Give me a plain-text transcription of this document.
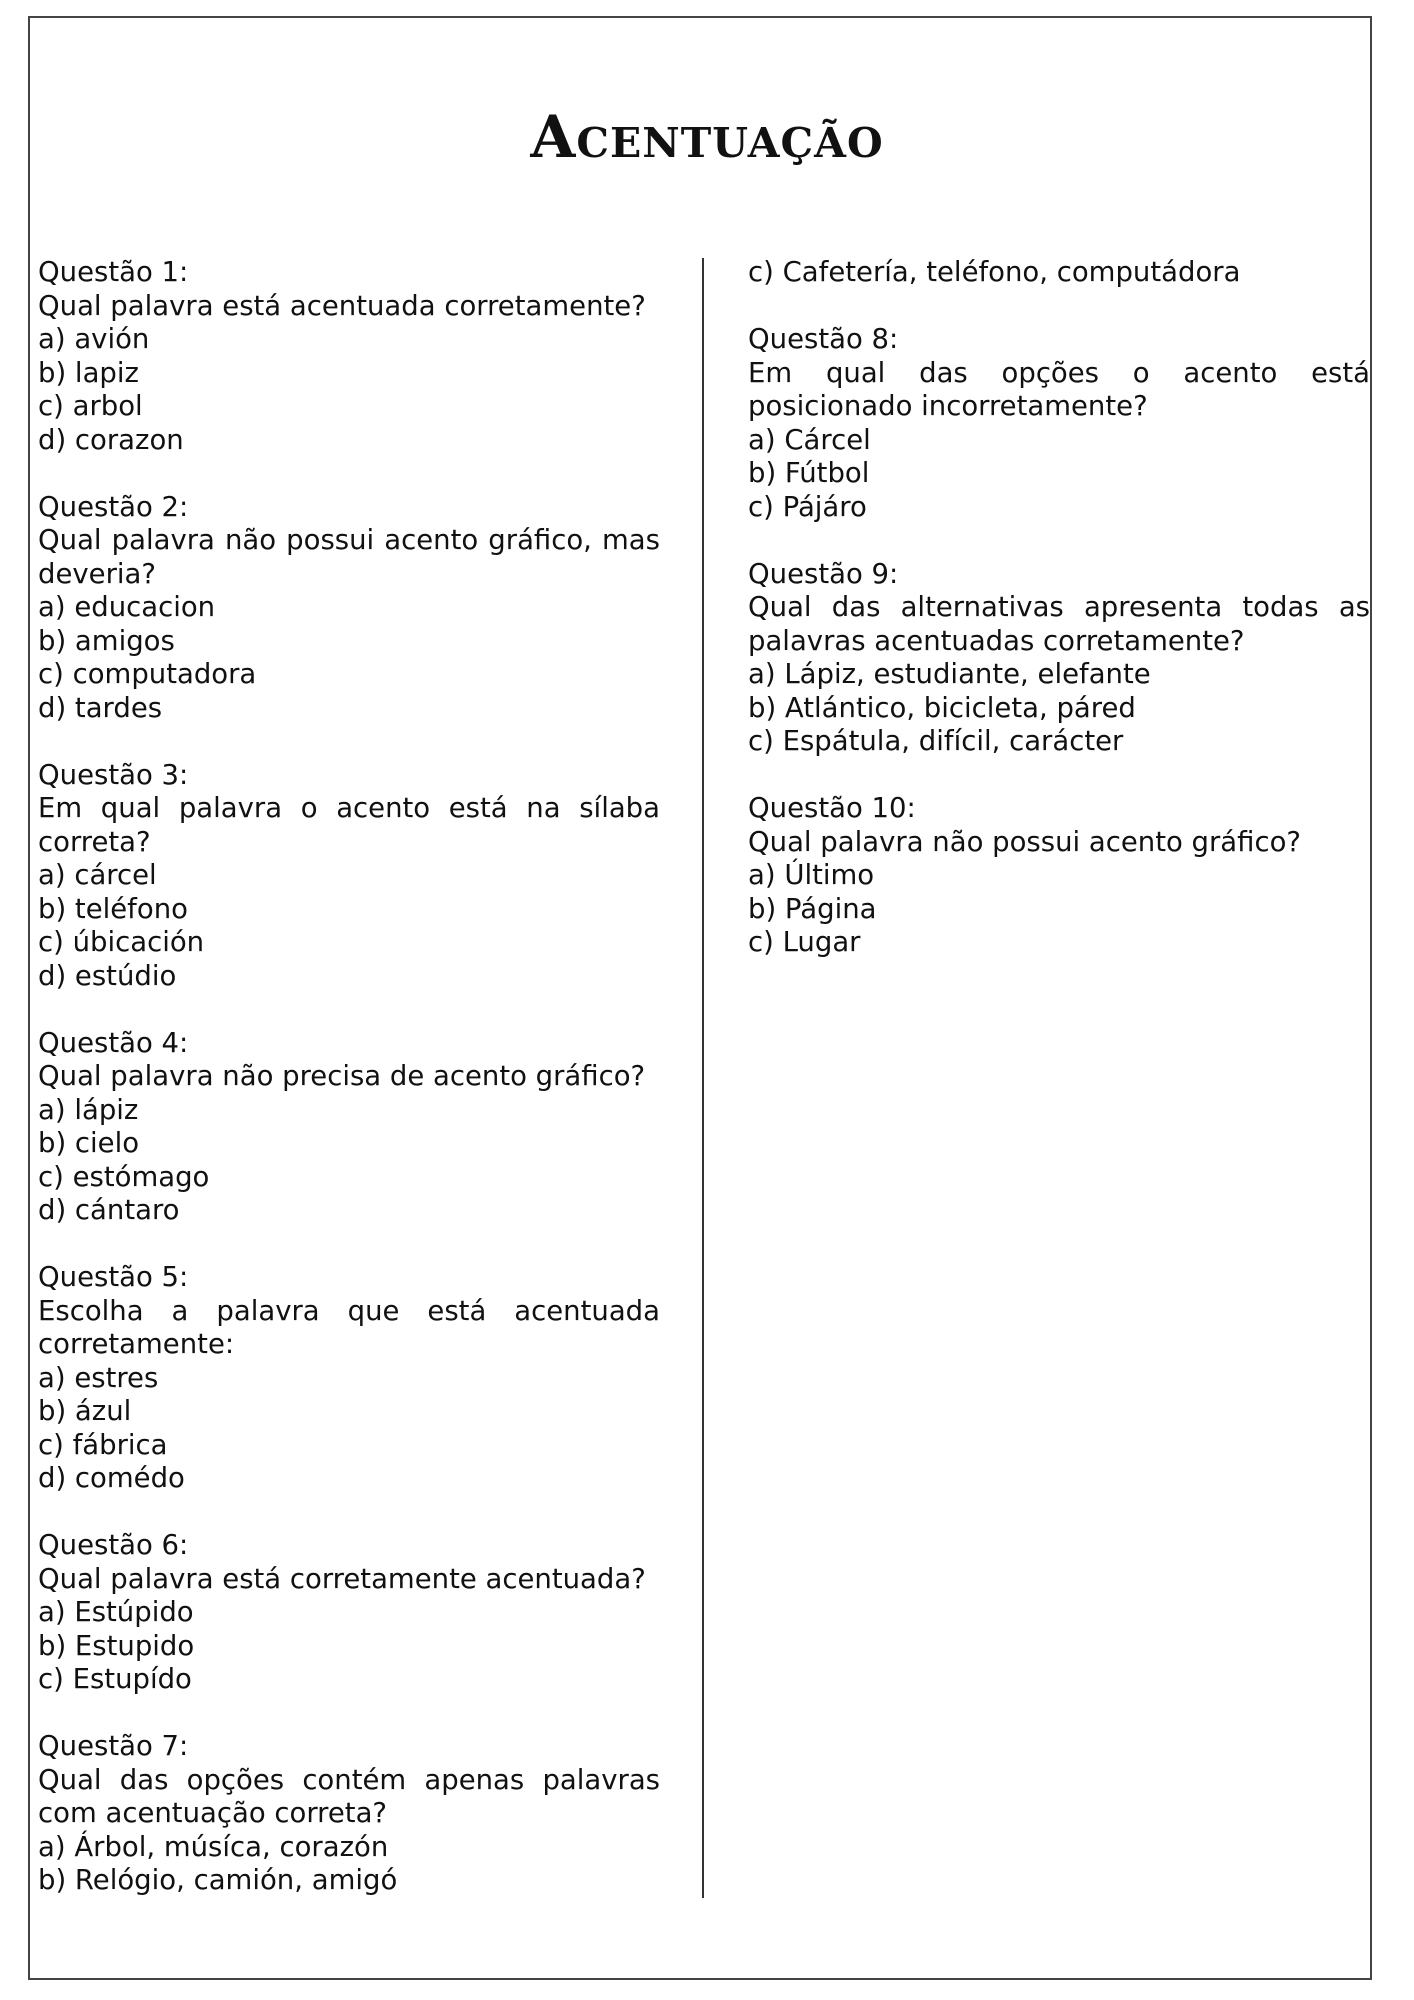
Acentuação
Questão 1:
Qual palavra está acentuada corretamente?
a) avión
b) lapiz
c) arbol
d) corazon
Questão 2:
Qual palavra não possui acento gráfico, mas
deveria?
a) educacion
b) amigos
c) computadora
d) tardes
Questão 3:
Em qual palavra o acento está na sílaba
correta?
a) cárcel
b) teléfono
c) úbicación
d) estúdio
Questão 4:
Qual palavra não precisa de acento gráfico?
a) lápiz
b) cielo
c) estómago
d) cántaro
Questão 5:
Escolha a palavra que está acentuada
corretamente:
a) estres
b) ázul
c) fábrica
d) comédo
Questão 6:
Qual palavra está corretamente acentuada?
a) Estúpido
b) Estupido
c) Estupído
Questão 7:
Qual das opções contém apenas palavras
com acentuação correta?
a) Árbol, músíca, corazón
b) Relógio, camión, amigó
c) Cafetería, teléfono, computádora
Questão 8:
Em qual das opções o acento está
posicionado incorretamente?
a) Cárcel
b) Fútbol
c) Pájáro
Questão 9:
Qual das alternativas apresenta todas as
palavras acentuadas corretamente?
a) Lápiz, estudiante, elefante
b) Atlántico, bicicleta, páred
c) Espátula, difícil, carácter
Questão 10:
Qual palavra não possui acento gráfico?
a) Último
b) Página
c) Lugar
